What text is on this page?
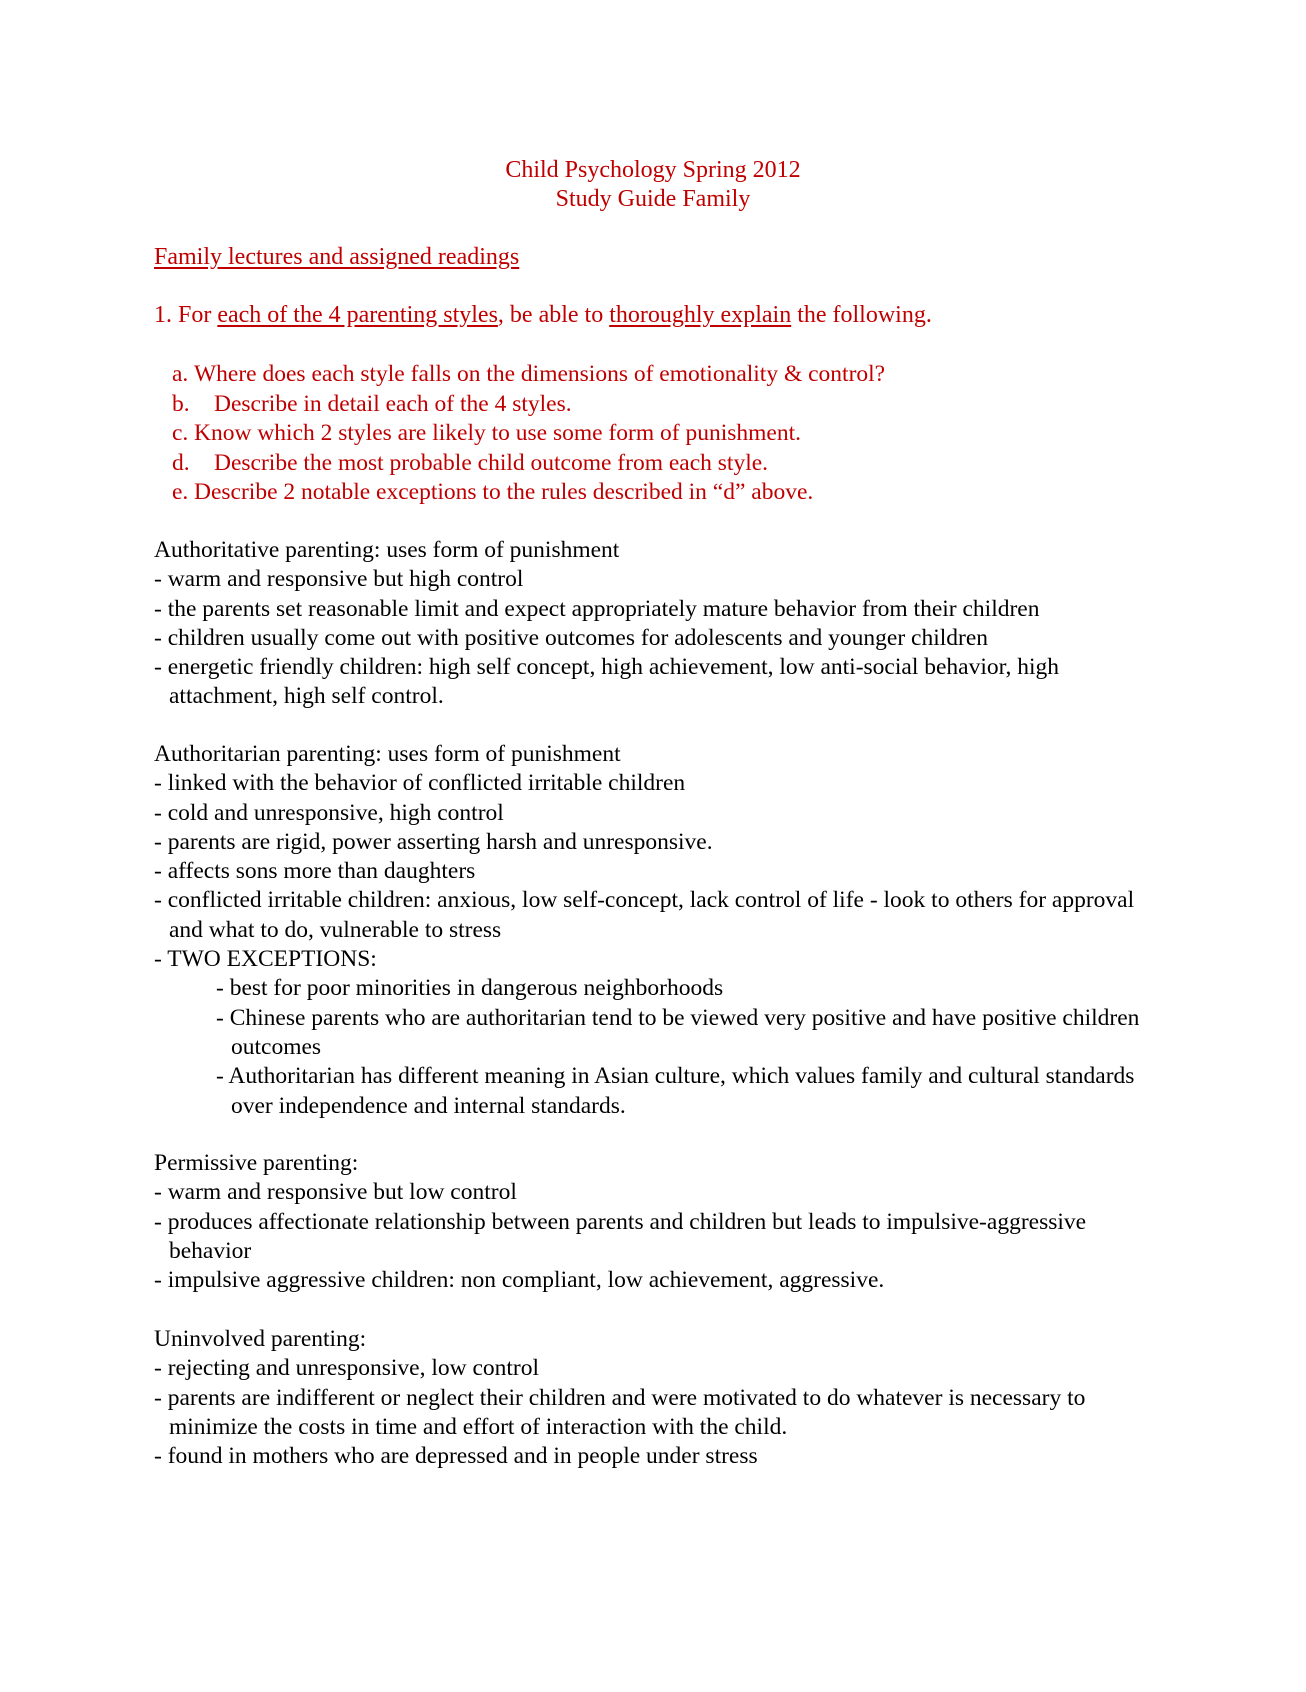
Child Psychology Spring 2012
Study Guide Family
Family lectures and assigned readings
1. For each of the 4 parenting styles, be able to thoroughly explain the following.
a. Where does each style falls on the dimensions of emotionality & control?
b. Describe in detail each of the 4 styles.
c. Know which 2 styles are likely to use some form of punishment.
d. Describe the most probable child outcome from each style.
e. Describe 2 notable exceptions to the rules described in “d” above.
Authoritative parenting: uses form of punishment
- warm and responsive but high control
- the parents set reasonable limit and expect appropriately mature behavior from their children
- children usually come out with positive outcomes for adolescents and younger children
- energetic friendly children: high self concept, high achievement, low anti-social behavior, high attachment, high self control.
Authoritarian parenting: uses form of punishment
- linked with the behavior of conflicted irritable children
- cold and unresponsive, high control
- parents are rigid, power asserting harsh and unresponsive.
- affects sons more than daughters
- conflicted irritable children: anxious, low self-concept, lack control of life - look to others for approval and what to do, vulnerable to stress
- TWO EXCEPTIONS:
- best for poor minorities in dangerous neighborhoods
- Chinese parents who are authoritarian tend to be viewed very positive and have positive children outcomes
- Authoritarian has different meaning in Asian culture, which values family and cultural standards over independence and internal standards.
Permissive parenting:
- warm and responsive but low control
- produces affectionate relationship between parents and children but leads to impulsive-aggressive behavior
- impulsive aggressive children: non compliant, low achievement, aggressive.
Uninvolved parenting:
- rejecting and unresponsive, low control
- parents are indifferent or neglect their children and were motivated to do whatever is necessary to minimize the costs in time and effort of interaction with the child.
- found in mothers who are depressed and in people under stress
